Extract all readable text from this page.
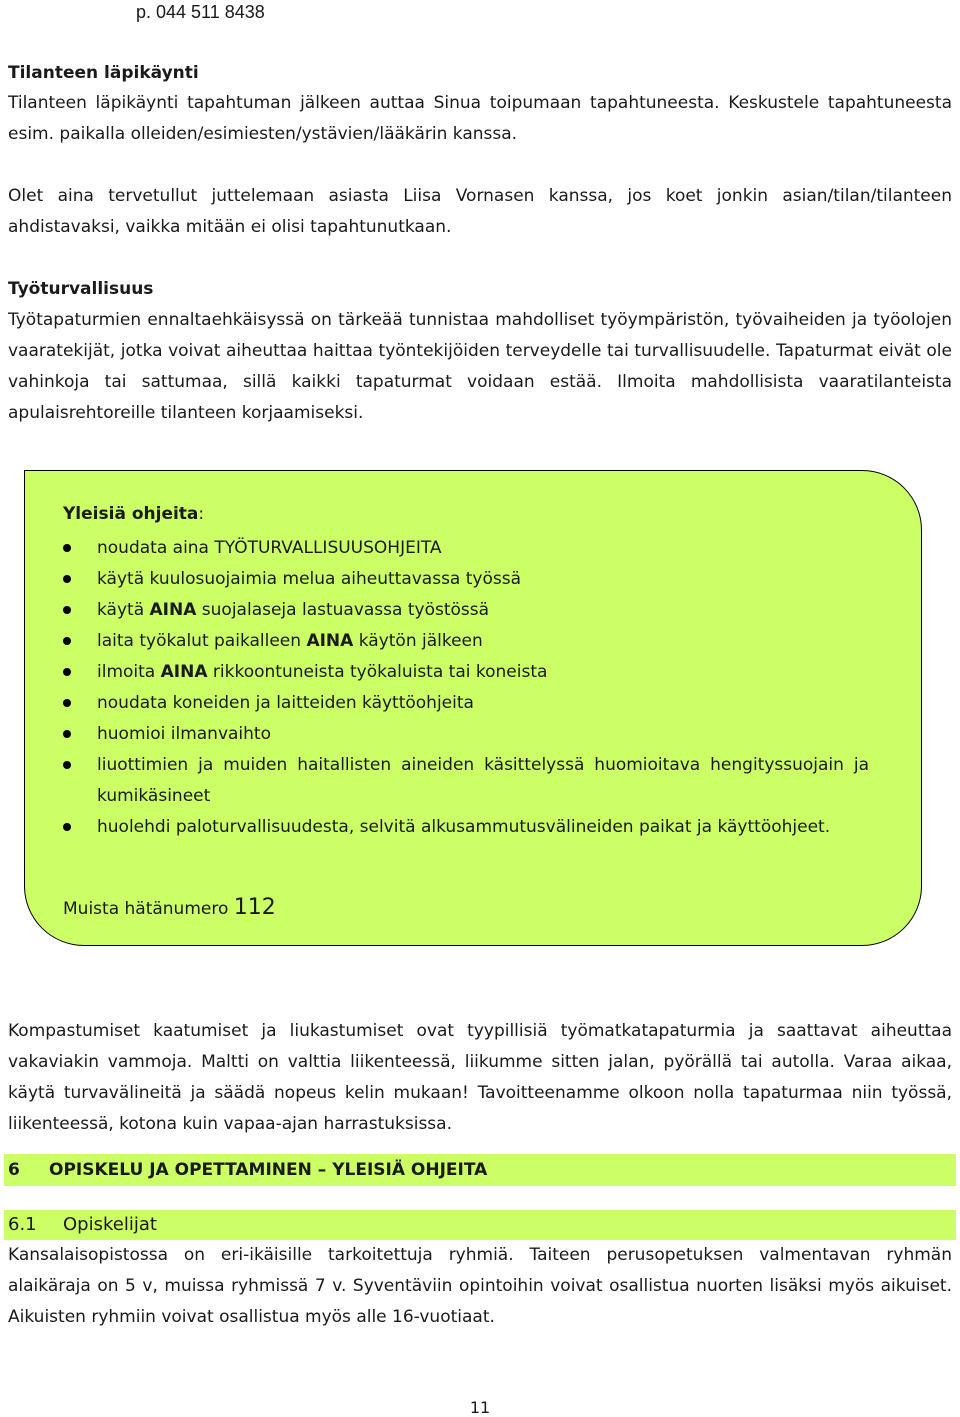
p. 044 511 8438
Tilanteen läpikäynti

Tilanteen läpikäynti tapahtuman jälkeen auttaa Sinua toipumaan tapahtuneesta. Keskustele tapahtuneesta esim. paikalla olleiden/esimiesten/ystävien/lääkärin kanssa.

Olet aina tervetullut juttelemaan asiasta Liisa Vornasen kanssa, jos koet jonkin asian/tilan/tilanteen ahdistavaksi, vaikka mitään ei olisi tapahtunutkaan.

Työturvallisuus

Työtapaturmien ennaltaehkäisyssä on tärkeää tunnistaa mahdolliset työympäristön, työvaiheiden ja työolojen vaaratekijät, jotka voivat aiheuttaa haittaa työntekijöiden terveydelle tai turvallisuudelle. Tapaturmat eivät ole vahinkoja tai sattumaa, sillä kaikki tapaturmat voidaan estää. Ilmoita mahdollisista vaaratilanteista apulaisrehtoreille tilanteen korjaamiseksi.

Yleisiä ohjeita:

noudata aina TYÖTURVALLISUUSOHJEITA
käytä kuulosuojaimia melua aiheuttavassa työssä
käytä AINA suojalaseja lastuavassa työstössä
laita työkalut paikalleen AINA käytön jälkeen
ilmoita AINA rikkoontuneista työkaluista tai koneista
noudata koneiden ja laitteiden käyttöohjeita
huomioi ilmanvaihto
liuottimien ja muiden haitallisten aineiden käsittelyssä huomioitava hengityssuojain ja kumikäsineet
huolehdi paloturvallisuudesta, selvitä alkusammutusvälineiden paikat ja käyttöohjeet.
Muista hätänumero 112

Kompastumiset kaatumiset ja liukastumiset ovat tyypillisiä työmatkatapaturmia ja saattavat aiheuttaa vakaviakin vammoja. Maltti on valttia liikenteessä, liikumme sitten jalan, pyörällä tai autolla. Varaa aikaa, käytä turvavälineitä ja säädä nopeus kelin mukaan! Tavoitteenamme olkoon nolla tapaturmaa niin työssä, liikenteessä, kotona kuin vapaa-ajan harrastuksissa.

6 OPISKELU JA OPETTAMINEN – YLEISIÄ OHJEITA
6.1 Opiskelijat

Kansalaisopistossa on eri-ikäisille tarkoitettuja ryhmiä. Taiteen perusopetuksen valmentavan ryhmän alaikäraja on 5 v, muissa ryhmissä 7 v. Syventäviin opintoihin voivat osallistua nuorten lisäksi myös aikuiset. Aikuisten ryhmiin voivat osallistua myös alle 16-vuotiaat.

11
